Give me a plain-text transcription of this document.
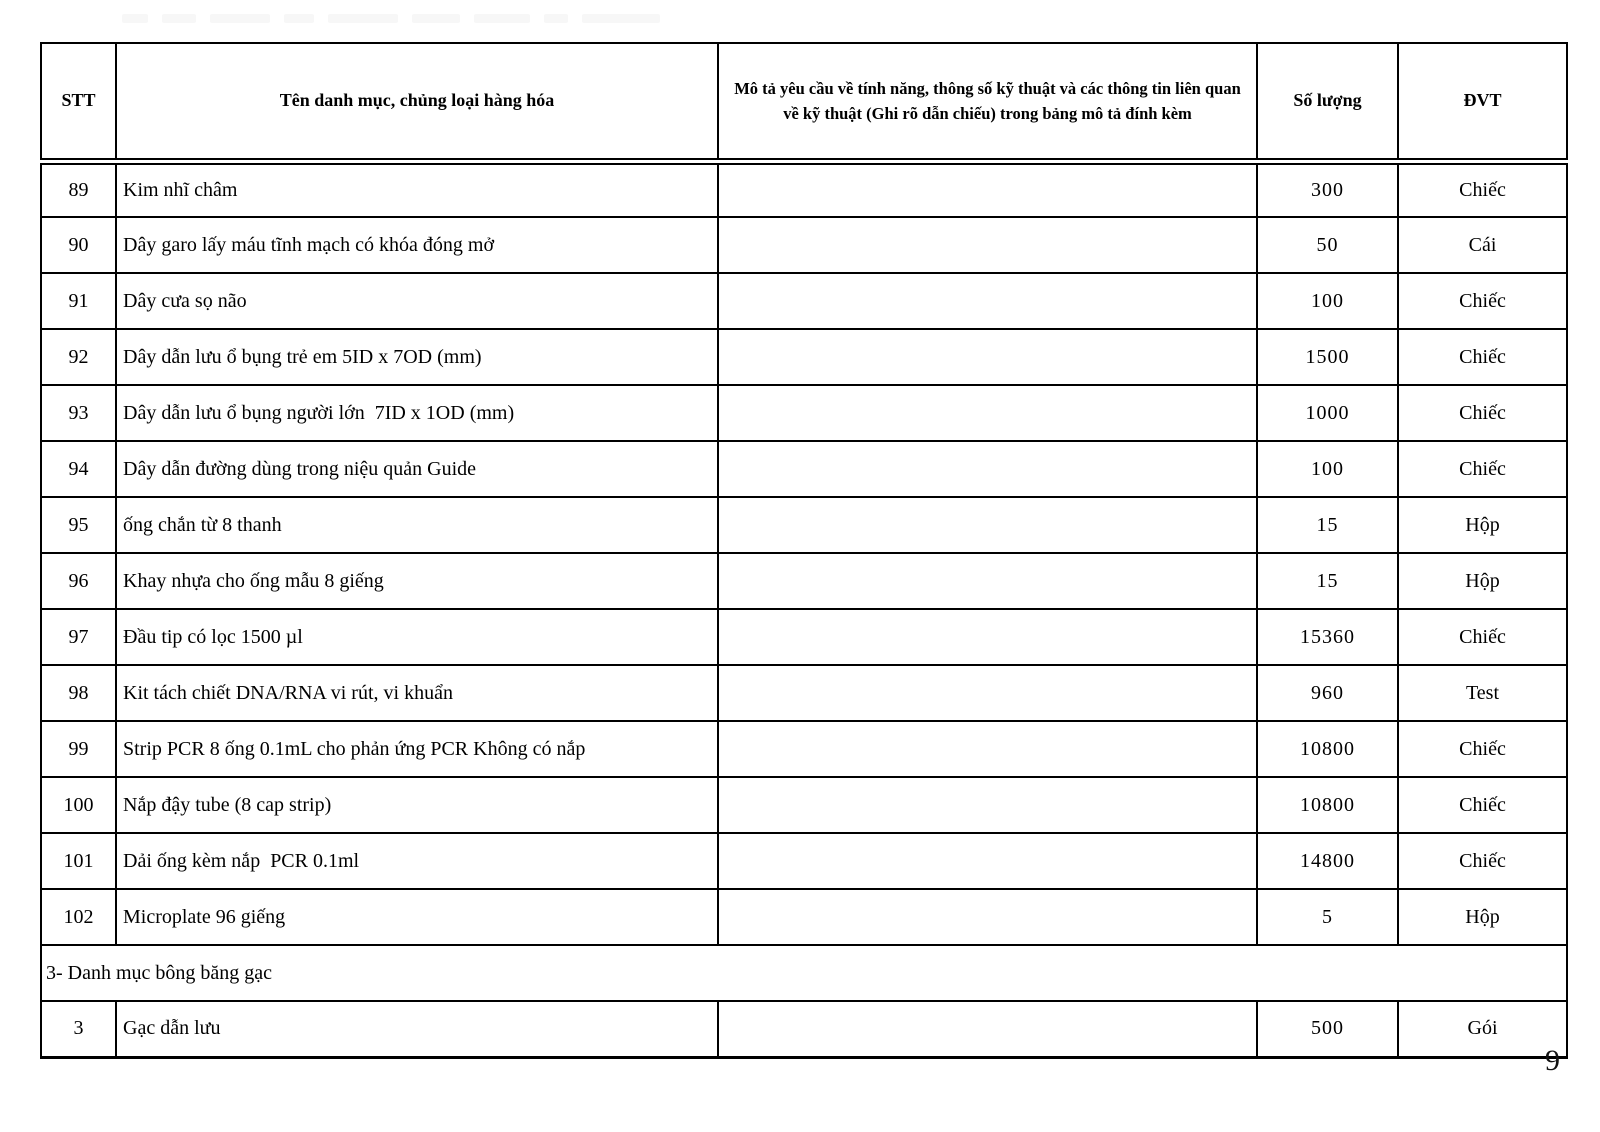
STT	Tên danh mục, chủng loại hàng hóa	Mô tả yêu cầu về tính năng, thông số kỹ thuật và các thông tin liên quan về kỹ thuật (Ghi rõ dẫn chiếu) trong bảng mô tả đính kèm	Số lượng	ĐVT
89	Kim nhĩ châm		300	Chiếc
90	Dây garo lấy máu tĩnh mạch có khóa đóng mở		50	Cái
91	Dây cưa sọ não		100	Chiếc
92	Dây dẫn lưu ổ bụng trẻ em 5ID x 7OD (mm)		1500	Chiếc
93	Dây dẫn lưu ổ bụng người lớn  7ID x 1OD (mm)		1000	Chiếc
94	Dây dẫn đường dùng trong niệu quản Guide		100	Chiếc
95	ống chắn từ 8 thanh		15	Hộp
96	Khay nhựa cho ống mẫu 8 giếng		15	Hộp
97	Đầu tip có lọc 1500 µl		15360	Chiếc
98	Kit tách chiết DNA/RNA vi rút, vi khuẩn		960	Test
99	Strip PCR 8 ống 0.1mL cho phản ứng PCR Không có nắp		10800	Chiếc
100	Nắp đậy tube (8 cap strip)		10800	Chiếc
101	Dải ống kèm nắp  PCR 0.1ml		14800	Chiếc
102	Microplate 96 giếng		5	Hộp
3- Danh mục bông băng gạc				
3	Gạc dẫn lưu		500	Gói
9
